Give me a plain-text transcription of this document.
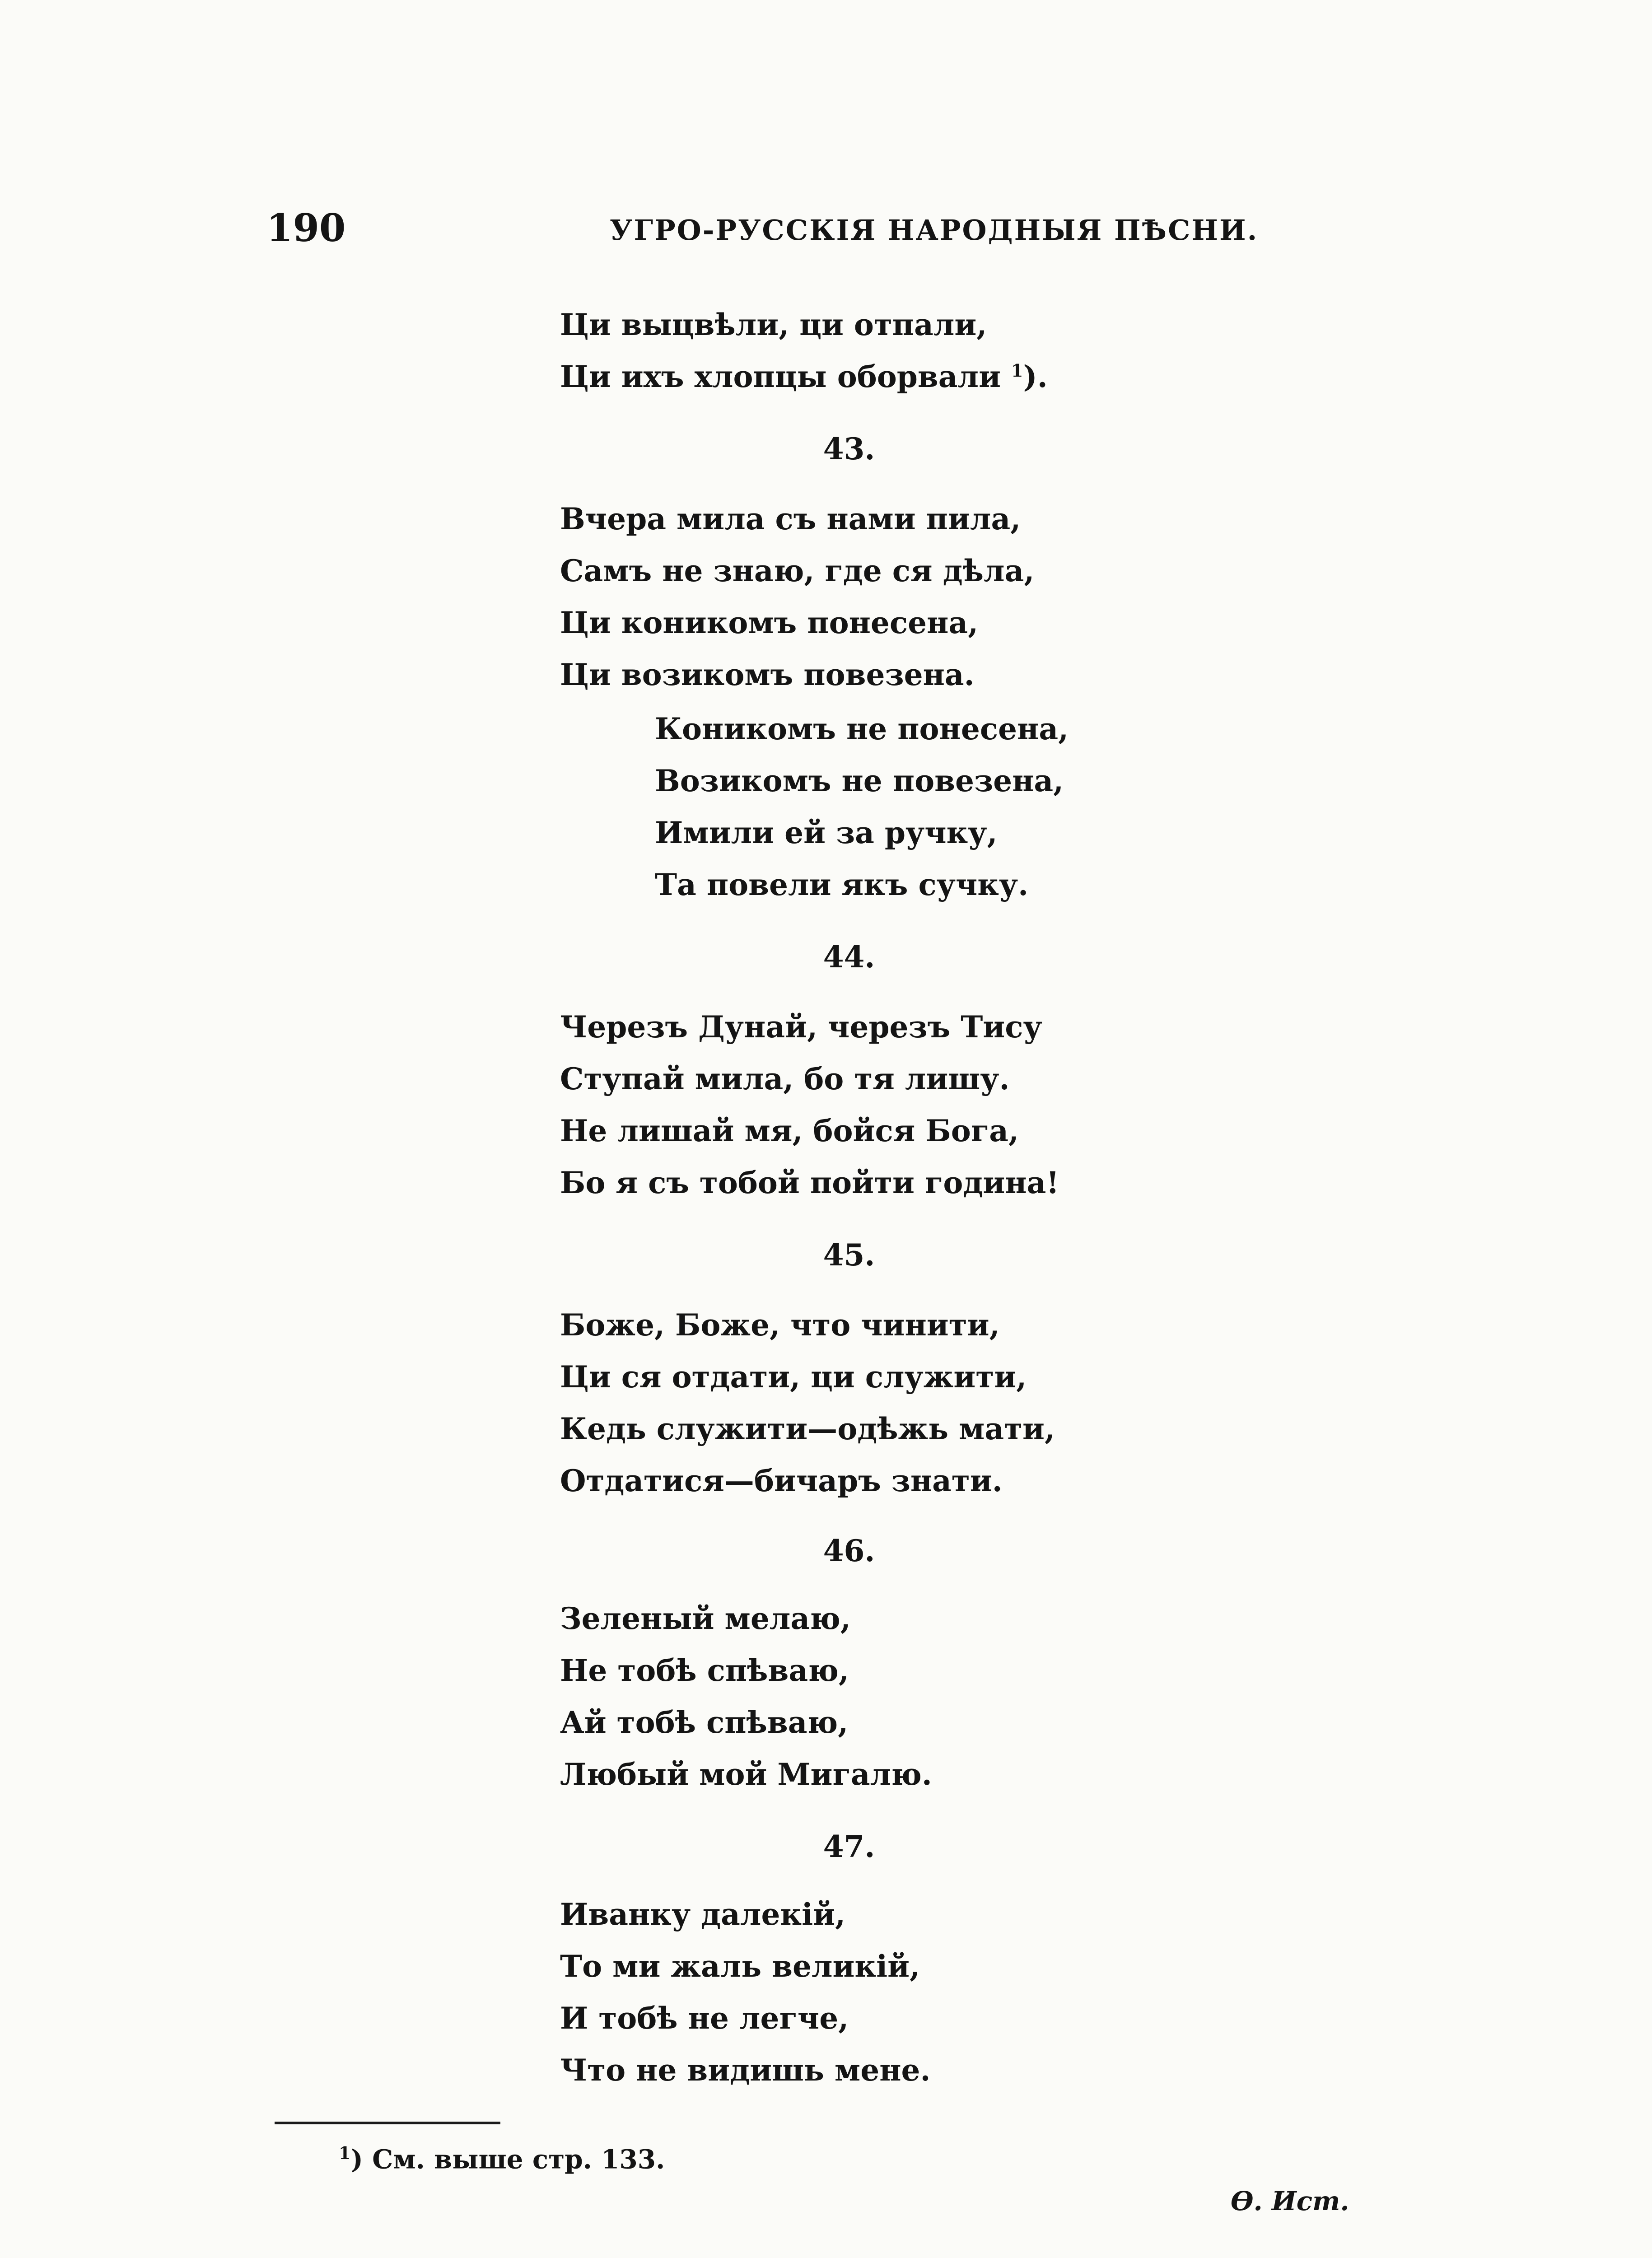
190	УГРО-РУССКІЯ НАРОДНЫЯ ПѢСНИ.
Ци выцвѣли, ци отпали,
Ци ихъ хлопцы оборвали $^1$).
43.
Вчера мила съ нами пила,
Самъ не знаю, где ся дѣла,
Ци коникомъ понесена,
Ци возикомъ повезена.
Коникомъ не понесена,
Возикомъ не повезена,
Имили ей за ручку,
Та повели якъ сучку.
44.
Черезъ Дунай, черезъ Тису
Ступай мила, бо тя лишу.
Не лишай мя, бойся Бога,
Бо я съ тобой пойти година!
45.
Боже, Боже, что чинити,
Ци ся отдати, ци служити,
Кедь служити—одѣжь мати,
Отдатися—бичаръ знати.
46.
Зеленый мелаю,
Не тобѣ спѣваю,
Ай тобѣ спѣваю,
Любый мой Мигалю.
47.
Иванку далекій,
То ми жаль великій,
И тобѣ не легче,
Что не видишь мене.
$^1$) См. выше стр. 133.
Ө. Ист.
